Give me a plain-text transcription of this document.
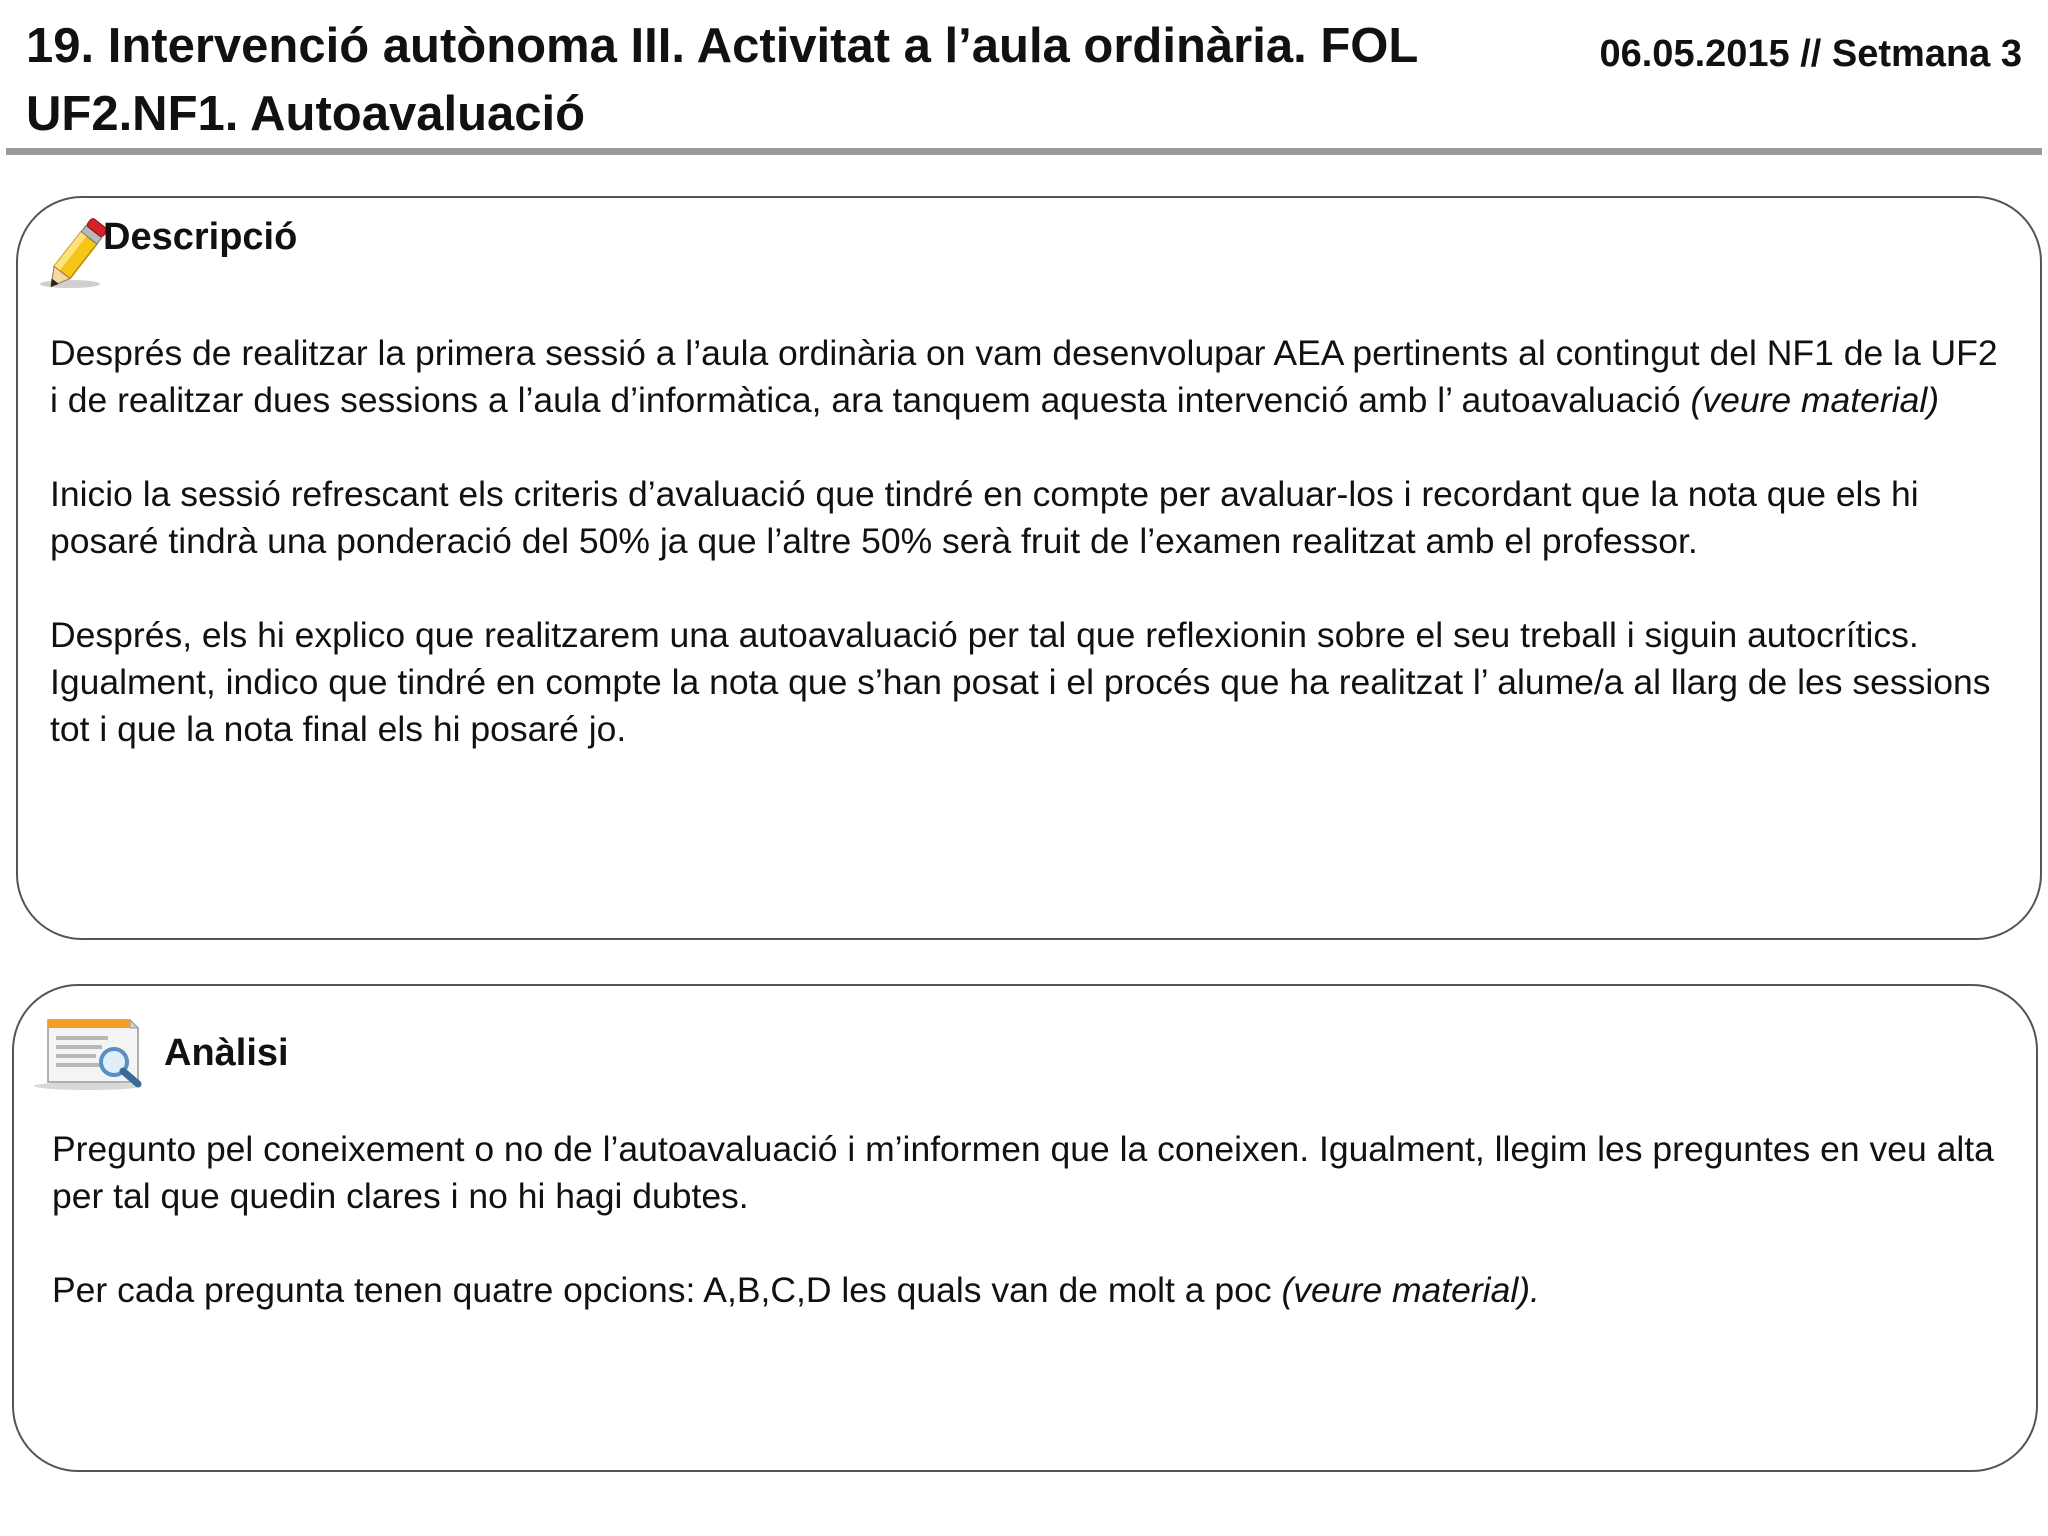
19. Intervenció autònoma III. Activitat a l’aula ordinària. FOL
UF2.NF1. Autoavaluació
06.05.2015 // Setmana 3
Descripció

Després de realitzar la primera sessió a l’aula ordinària on vam desenvolupar AEA pertinents al contingut del NF1 de la UF2 i de realitzar dues sessions a l’aula d’informàtica, ara tanquem aquesta intervenció amb l’ autoavaluació (veure material)

Inicio la sessió refrescant els criteris d’avaluació que tindré en compte per avaluar-los i recordant que la nota que els hi posaré tindrà una ponderació del 50% ja que l’altre 50% serà fruit de l’examen realitzat amb el professor.

Després, els hi explico que realitzarem una autoavaluació per tal que reflexionin sobre el seu treball i siguin autocrítics. Igualment, indico que tindré en compte la nota que s’han posat i el procés que ha realitzat l’ alume/a al llarg de les sessions tot i que la nota final els hi posaré jo.

Anàlisi

Pregunto pel coneixement o no de l’autoavaluació i m’informen que la coneixen. Igualment, llegim les preguntes en veu alta per tal que quedin clares i no hi hagi dubtes.

Per cada pregunta tenen quatre opcions: A,B,C,D les quals van de molt a poc (veure material).
